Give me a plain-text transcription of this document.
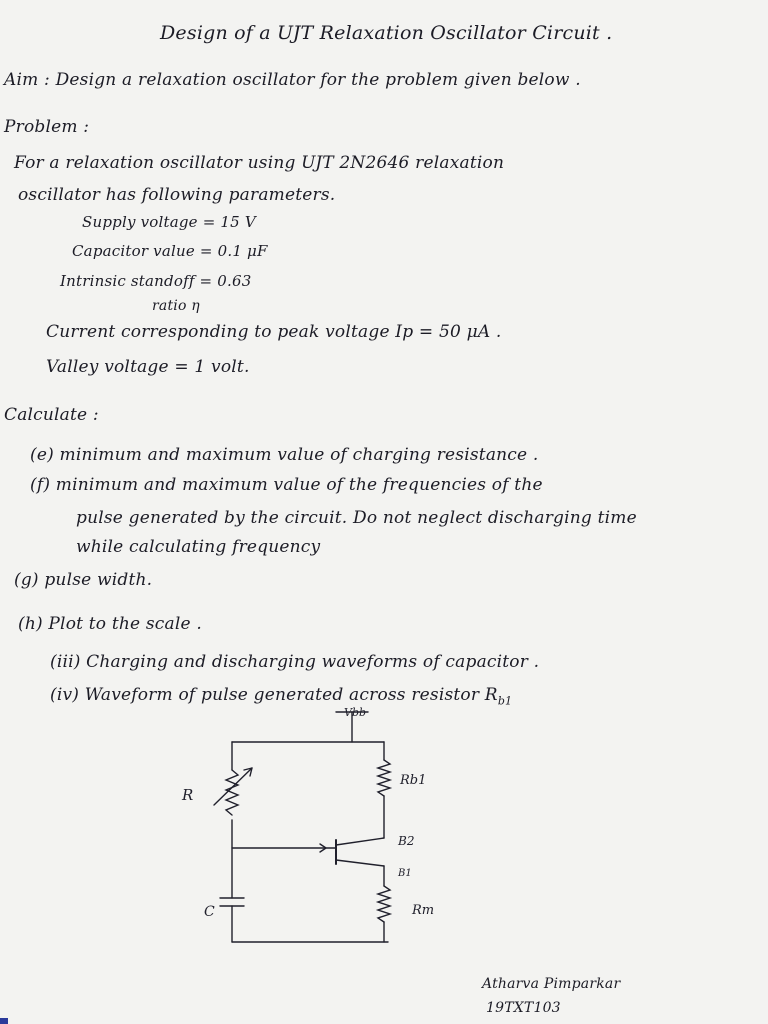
Design of a UJT Relaxation Oscillator Circuit .
Aim : Design a relaxation oscillator for the problem given below .
Problem :
For a relaxation oscillator using UJT 2N2646 relaxation
oscillator has following parameters.
Supply voltage = 15 V
Capacitor value = 0.1 μF
Intrinsic standoff = 0.63
ratio η
Current corresponding to peak voltage Ip = 50 μA .
Valley voltage = 1 volt.
Calculate :
(e) minimum and maximum value of charging resistance .
(f) minimum and maximum value of the frequencies of the
pulse generated by the circuit. Do not neglect discharging time
while calculating frequency
(g) pulse width.
(h) Plot to the scale .
(iii) Charging and discharging waveforms of capacitor .
(iv) Waveform of pulse generated across resistor $R_{b1}$
Vbb
R
Rb1
B2
B1
Rm
C
Atharva Pimparkar
19TXT103
